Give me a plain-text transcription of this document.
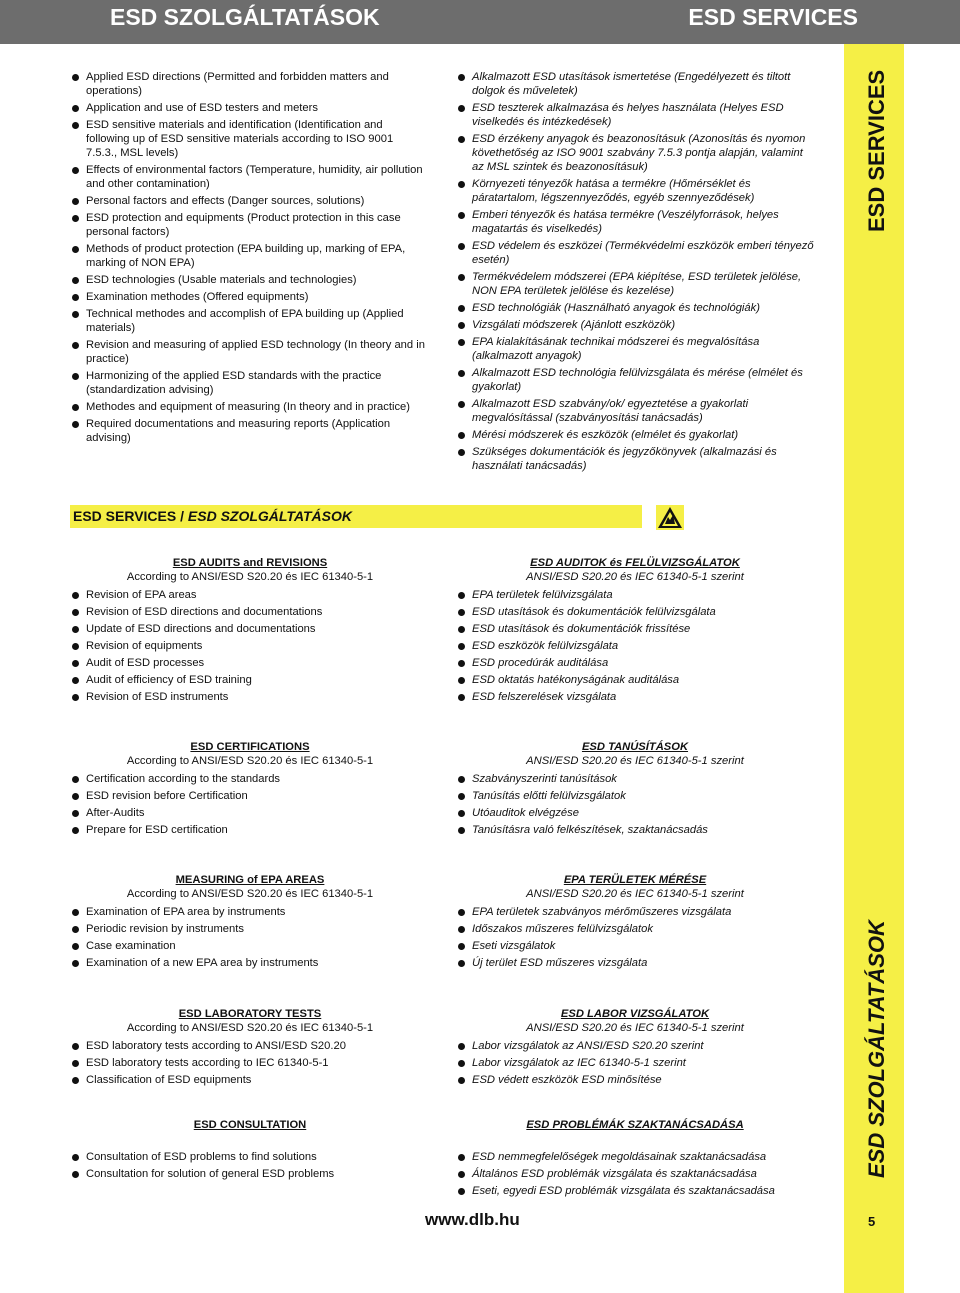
ESD SZOLGÁLTATÁSOK	ESD SERVICES
ESD SERVICES
ESD SZOLGÁLTATÁSOK
Applied ESD directions (Permitted and forbidden matters and operations)
Application and use of ESD testers and meters
ESD sensitive materials and identification (Identification and following up of ESD sensitive materials according to ISO 9001 7.5.3., MSL levels)
Effects of environmental factors (Temperature, humidity, air pollution and other contamination)
Personal factors and effects (Danger sources, solutions)
ESD protection and equipments (Product protection in this case personal factors)
Methods of product protection (EPA building up, marking of EPA, marking of NON EPA)
ESD technologies (Usable materials and technologies)
Examination methodes (Offered equipments)
Technical methodes and accomplish of EPA building up (Applied materials)
Revision and measuring of applied ESD technology (In theory and in practice)
Harmonizing of the applied ESD standards with the practice (standardization advising)
Methodes and equipment of measuring (In theory and in practice)
Required documentations and measuring reports (Application advising)
Alkalmazott ESD utasítások ismertetése (Engedélyezett és tiltott dolgok és műveletek)
ESD teszterek alkalmazása és helyes használata (Helyes ESD viselkedés és intézkedések)
ESD érzékeny anyagok és beazonosításuk (Azonosítás és nyomon követhetőség az ISO 9001 szabvány 7.5.3 pontja alapján, valamint az MSL szintek és beazonosításuk)
Környezeti tényezők hatása a termékre (Hőmérséklet és páratartalom, légszennyeződés, egyéb szennyeződések)
Emberi tényezők és hatása termékre (Veszélyforrások, helyes magatartás és viselkedés)
ESD védelem és eszközei (Termékvédelmi eszközök emberi tényező esetén)
Termékvédelem módszerei (EPA kiépítése, ESD területek jelölése, NON EPA területek jelölése és kezelése)
ESD technológiák (Használható anyagok és technológiák)
Vizsgálati módszerek (Ajánlott eszközök)
EPA kialakításának technikai módszerei és megvalósítása (alkalmazott anyagok)
Alkalmazott ESD technológia felülvizsgálata és mérése (elmélet és gyakorlat)
Alkalmazott ESD szabvány/ok/ egyeztetése a gyakorlati megvalósítással (szabványosítási tanácsadás)
Mérési módszerek és eszközök (elmélet és gyakorlat)
Szükséges dokumentációk és jegyzőkönyvek (alkalmazási és használati tanácsadás)
ESD SERVICES / ESD SZOLGÁLTATÁSOK
ESD AUDITS and REVISIONS
According to ANSI/ESD S20.20 és IEC 61340-5-1
Revision of EPA areas
Revision of ESD directions and documentations
Update of ESD directions and documentations
Revision of equipments
Audit of ESD processes
Audit of efficiency of ESD training
Revision of ESD instruments
ESD CERTIFICATIONS
According to ANSI/ESD S20.20 és IEC 61340-5-1
Certification according to the standards
ESD revision before Certification
After-Audits
Prepare for ESD certification
MEASURING of EPA AREAS
According to ANSI/ESD S20.20 és IEC 61340-5-1
Examination of EPA area by instruments
Periodic revision by instruments
Case examination
Examination of a new EPA area by instruments
ESD LABORATORY TESTS
According to ANSI/ESD S20.20 és IEC 61340-5-1
ESD laboratory tests according to ANSI/ESD S20.20
ESD laboratory tests according to IEC 61340-5-1
Classification of ESD equipments
ESD CONSULTATION
Consultation of ESD problems to find solutions
Consultation for solution of general ESD problems
ESD AUDITOK és FELÜLVIZSGÁLATOK
ANSI/ESD S20.20 és IEC 61340-5-1 szerint
EPA területek felülvizsgálata
ESD utasítások és dokumentációk felülvizsgálata
ESD utasítások és dokumentációk frissítése
ESD eszközök felülvizsgálata
ESD procedúrák auditálása
ESD oktatás hatékonyságának auditálása
ESD felszerelések vizsgálata
ESD TANÚSÍTÁSOK
ANSI/ESD S20.20 és IEC 61340-5-1 szerint
Szabványszerinti tanúsítások
Tanúsítás előtti felülvizsgálatok
Utóauditok elvégzése
Tanúsításra való felkészítések, szaktanácsadás
EPA TERÜLETEK MÉRÉSE
ANSI/ESD S20.20 és IEC 61340-5-1 szerint
EPA területek szabványos mérőműszeres vizsgálata
Időszakos műszeres felülvizsgálatok
Eseti vizsgálatok
Új terület ESD műszeres vizsgálata
ESD LABOR VIZSGÁLATOK
ANSI/ESD S20.20 és IEC 61340-5-1 szerint
Labor vizsgálatok az ANSI/ESD S20.20 szerint
Labor vizsgálatok az IEC 61340-5-1 szerint
ESD védett eszközök ESD minősítése
ESD PROBLÉMÁK SZAKTANÁCSADÁSA
ESD nemmegfelelőségek megoldásainak szaktanácsadása
Általános ESD problémák vizsgálata és szaktanácsadása
Eseti, egyedi ESD problémák vizsgálata és szaktanácsadása
www.dlb.hu	5
